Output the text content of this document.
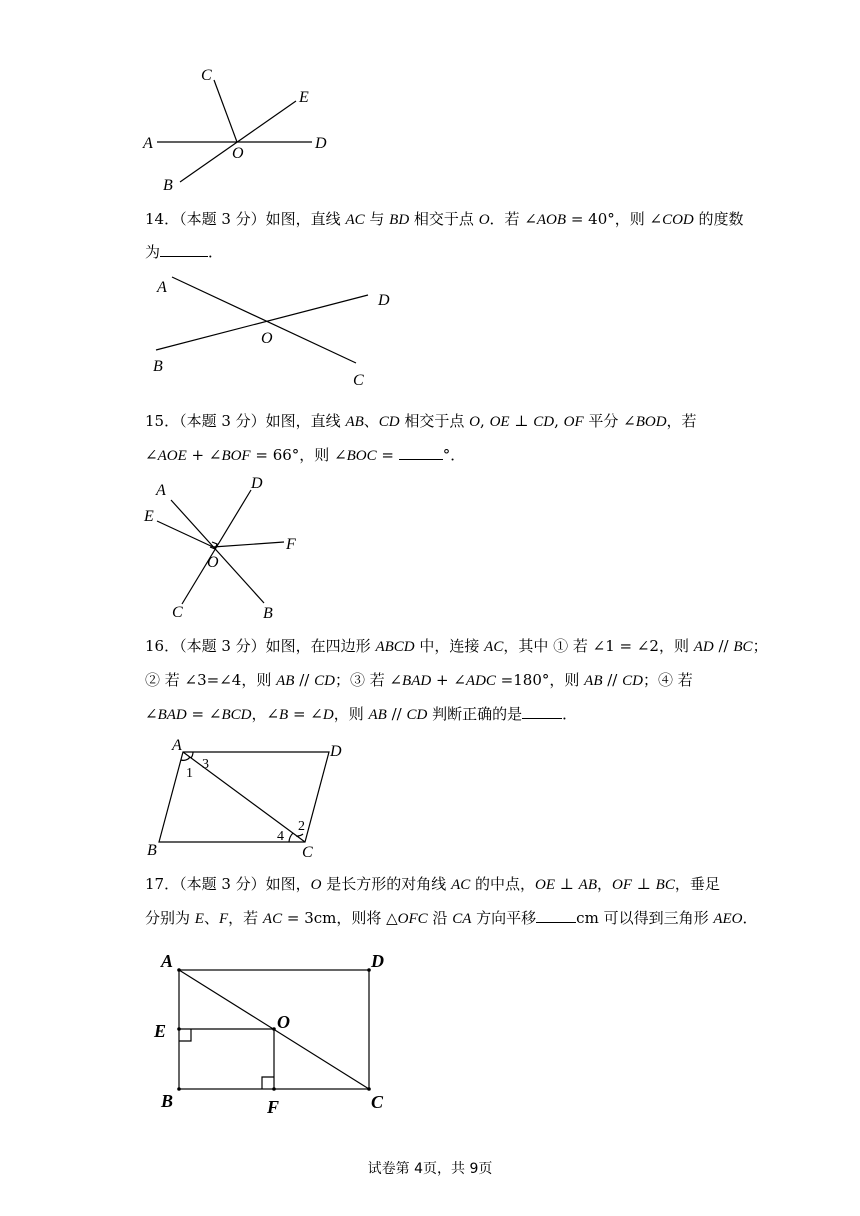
C
E
A	D
O
B
14．（本题 3 分）如图，直线 AC 与 BD 相交于点 O．若 ∠AOB = 40°，则 ∠COD 的度数
为	．
A
D
O
B
C
15．（本题 3 分）如图，直线 AB、CD 相交于点 O, OE ⊥ CD, OF 平分 ∠BOD，若
∠AOE + ∠BOF = 66°，则 ∠BOC =	°．
A	D
E
F
O
C	B
16．（本题 3 分）如图，在四边形 ABCD 中，连接 AC，其中 ① 若 ∠1 = ∠2，则 AD // BC；
② 若 ∠3=∠4，则 AB // CD；③ 若 ∠BAD + ∠ADC =180°，则 AB // CD；④ 若
∠BAD = ∠BCD，∠B = ∠D，则 AB // CD 判断正确的是	．
A	D
B	C
3
1
2
4
17．（本题 3 分）如图，O 是长方形的对角线 AC 的中点，OE ⊥ AB，OF ⊥ BC，垂足
分别为 E、F，若 AC = 3cm，则将 △OFC 沿 CA 方向平移	cm 可以得到三角形 AEO．
A	D
E	O
B	F	C
试卷第 4页，共 9页
